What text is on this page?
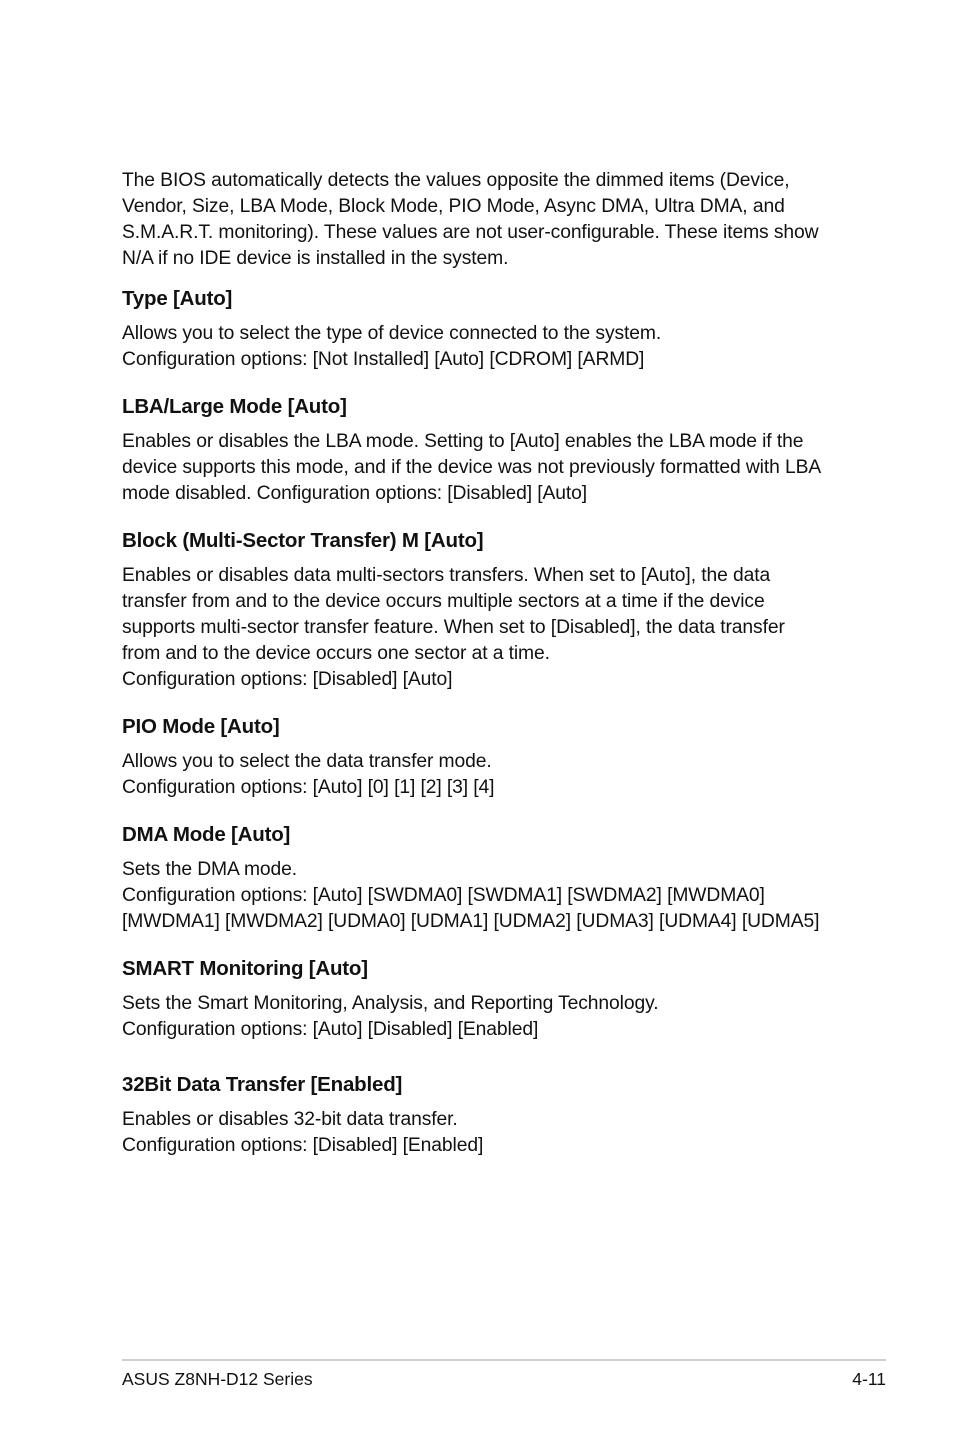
The BIOS automatically detects the values opposite the dimmed items (Device,
Vendor, Size, LBA Mode, Block Mode, PIO Mode, Async DMA, Ultra DMA, and
S.M.A.R.T. monitoring). These values are not user-configurable. These items show
N/A if no IDE device is installed in the system.

Type [Auto]

Allows you to select the type of device connected to the system.
Configuration options: [Not Installed] [Auto] [CDROM] [ARMD]

LBA/Large Mode [Auto]

Enables or disables the LBA mode. Setting to [Auto] enables the LBA mode if the
device supports this mode, and if the device was not previously formatted with LBA
mode disabled. Configuration options: [Disabled] [Auto]

Block (Multi-Sector Transfer) M [Auto]

Enables or disables data multi-sectors transfers. When set to [Auto], the data
transfer from and to the device occurs multiple sectors at a time if the device
supports multi-sector transfer feature. When set to [Disabled], the data transfer
from and to the device occurs one sector at a time.
Configuration options: [Disabled] [Auto]

PIO Mode [Auto]

Allows you to select the data transfer mode.
Configuration options: [Auto] [0] [1] [2] [3] [4]

DMA Mode [Auto]

Sets the DMA mode.
Configuration options: [Auto] [SWDMA0] [SWDMA1] [SWDMA2] [MWDMA0]
[MWDMA1] [MWDMA2] [UDMA0] [UDMA1] [UDMA2] [UDMA3] [UDMA4] [UDMA5]

SMART Monitoring [Auto]

Sets the Smart Monitoring, Analysis, and Reporting Technology.
Configuration options: [Auto] [Disabled] [Enabled]

32Bit Data Transfer [Enabled]

Enables or disables 32-bit data transfer.
Configuration options: [Disabled] [Enabled]

ASUS Z8NH-D12 Series	4-11
